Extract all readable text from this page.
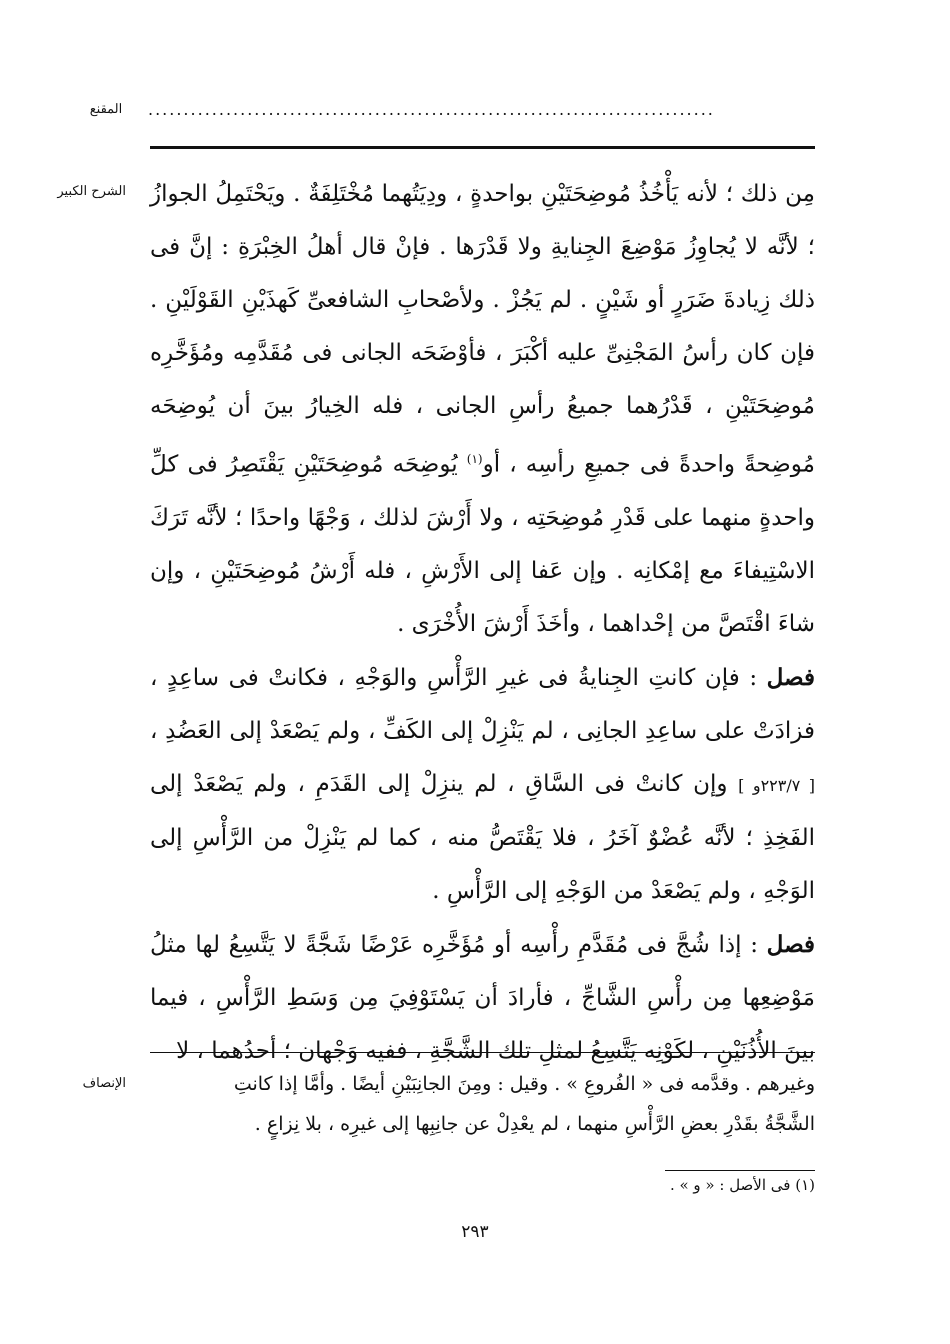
المقنع	................................................................................
الشرح الكبير مِن ذلك ؛ لأنه يَأْخُذُ مُوضِحَتَيْنِ بواحدةٍ ، ودِيَتُهما مُخْتَلِفَةٌ . ويَحْتَمِلُ الجوازُ ؛ لأنَّه لا يُجاوِزُ مَوْضِعَ الجِنايةِ ولا قَدْرَها . فإنْ قال أهلُ الخِبْرَةِ : إنَّ فى ذلك زِيادةَ ضَرَرٍ أو شَيْنٍ . لم يَجُزْ . ولأصْحابِ الشافعىِّ كَهذَيْنِ القَوْلَيْنِ . فإن كان رأسُ المَجْنِىِّ عليه أكْبَرَ ، فأوْضَحَه الجانى فى مُقَدَّمِه ومُؤَخَّرِه مُوضِحَتَيْنِ ، قَدْرُهما جميعُ رأسِ الجانى ، فله الخِيارُ بينَ أن يُوضِحَه مُوضِحةً واحدةً فى جميعِ رأسِه ، أو$^{(١)}$ يُوضِحَه مُوضِحَتَيْنِ يَقْتَصِرُ فى كلِّ واحدةٍ منهما على قَدْرِ مُوضِحَتِه ، ولا أَرْشَ لذلك ، وَجْهًا واحدًا ؛ لأنَّه تَرَكَ الاسْتِيفاءَ مع إمْكانِه . وإن عَفا إلى الأَرْشِ ، فله أَرْشُ مُوضِحَتَيْنِ ، وإن شاءَ اقْتَصَّ من إحْداهما ، وأخَذَ أَرْشَ الأُخْرَى .

فصل : فإن كانتِ الجِنايةُ فى غيرِ الرَّأْسِ والوَجْهِ ، فكانتْ فى ساعِدٍ ، فزادَتْ على ساعِدِ الجانِى ، لم يَنْزِلْ إلى الكَفِّ ، ولم يَصْعَدْ إلى العَضُدِ ، [ ٢٢٣/٧و ] وإن كانتْ فى السَّاقِ ، لم ينزِلْ إلى القَدَمِ ، ولم يَصْعَدْ إلى الفَخِذِ ؛ لأنَّه عُضْوٌ آخَرُ ، فلا يَقْتَصُّ منه ، كما لم يَنْزِلْ من الرَّأْسِ إلى الوَجْهِ ، ولم يَصْعَدْ من الوَجْهِ إلى الرَّأْسِ .

فصل : إذا شُجَّ فى مُقَدَّمِ رأْسِه أو مُؤَخَّرِه عَرْضًا شَجَّةً لا يَتَّسِعُ لها مثلُ مَوْضِعِها مِن رأْسِ الشَّاجِّ ، فأرادَ أن يَسْتَوْفِيَ مِن وَسَطِ الرَّأْسِ ، فيما بينَ الأُذُنَيْنِ ، لكَوْنِه يَتَّسِعُ لمثلِ تلك الشَّجَّةِ ، ففيه وَجْهان ؛ أحدُهما ، لا

الإنصاف	وغيرهم . وقدَّمه فى « الفُروعِ » . وقيل : ومِنَ الجانِبَيْنِ أيضًا . وأمَّا إذا كانتِ

الشَّجَّةُ بقَدْرِ بعضِ الرَّأْسِ منهما ، لم يعْدِلْ عن جانِبِها إلى غيرِه ، بلا نِزاعٍ .

(١) فى الأصل : « و » .
٢٩٣
